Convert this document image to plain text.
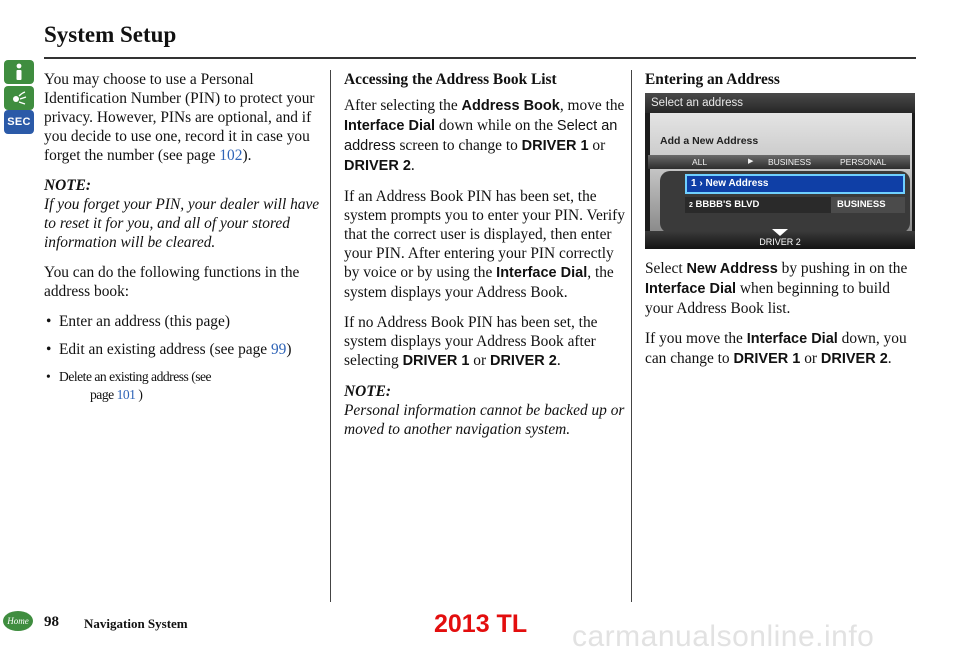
System Setup
SEC

You may choose to use a Personal Identification Number (PIN) to protect your privacy. However, PINs are optional, and if you decide to use one, record it in case you forget the number (see page 102).

NOTE:

If you forget your PIN, your dealer will have to reset it for you, and all of your stored information will be cleared.

You can do the following functions in the address book:

• Enter an address (this page)
• Edit an existing address (see page 99)
• Delete an existing address (see
page 101 )

Accessing the Address Book List

After selecting the Address Book, move the Interface Dial down while on the Select an address screen to change to DRIVER 1 or DRIVER 2.

If an Address Book PIN has been set, the system prompts you to enter your PIN. Verify that the correct user is displayed, then enter your PIN. After entering your PIN correctly by voice or by using the Interface Dial, the system displays your Address Book.

If no Address Book PIN has been set, the system displays your Address Book after selecting DRIVER 1 or DRIVER 2.

NOTE:

Personal information cannot be backed up or moved to another navigation system.

Entering an Address

Select an address
Add a New Address
ALL	▶ BUSINESS	PERSONAL
1 › New Address
2 BBBB'S BLVD	BUSINESS
DRIVER 2

Select New Address by pushing in on the Interface Dial when beginning to build your Address Book list.

If you move the Interface Dial down, you can change to DRIVER 1 or DRIVER 2.

Home 98 Navigation System	2013 TL carmanualsonline.info
